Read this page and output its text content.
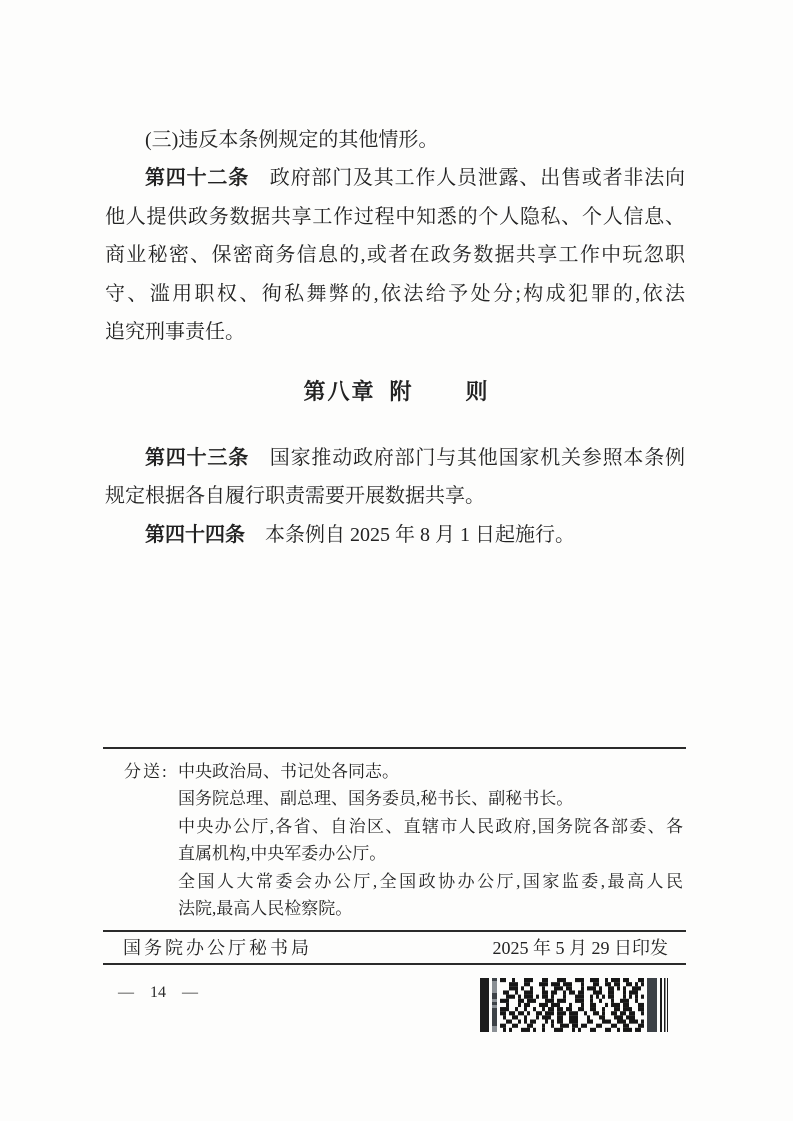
(三)违反本条例规定的其他情形。
第四十二条　政府部门及其工作人员泄露、出售或者非法向
他人提供政务数据共享工作过程中知悉的个人隐私、个人信息、
商业秘密、保密商务信息的,或者在政务数据共享工作中玩忽职
守、滥用职权、徇私舞弊的,依法给予处分;构成犯罪的,依法
追究刑事责任。
第八章 附 则
第四十三条　国家推动政府部门与其他国家机关参照本条例
规定根据各自履行职责需要开展数据共享。
第四十四条　本条例自 2025 年 8 月 1 日起施行。
分送: 中央政治局、书记处各同志。
国务院总理、副总理、国务委员,秘书长、副秘书长。
中央办公厅,各省、自治区、直辖市人民政府,国务院各部委、各
直属机构,中央军委办公厅。
全国人大常委会办公厅,全国政协办公厅,国家监委,最高人民
法院,最高人民检察院。
国务院办公厅秘书局	2025 年 5 月 29 日印发
— 14 —
